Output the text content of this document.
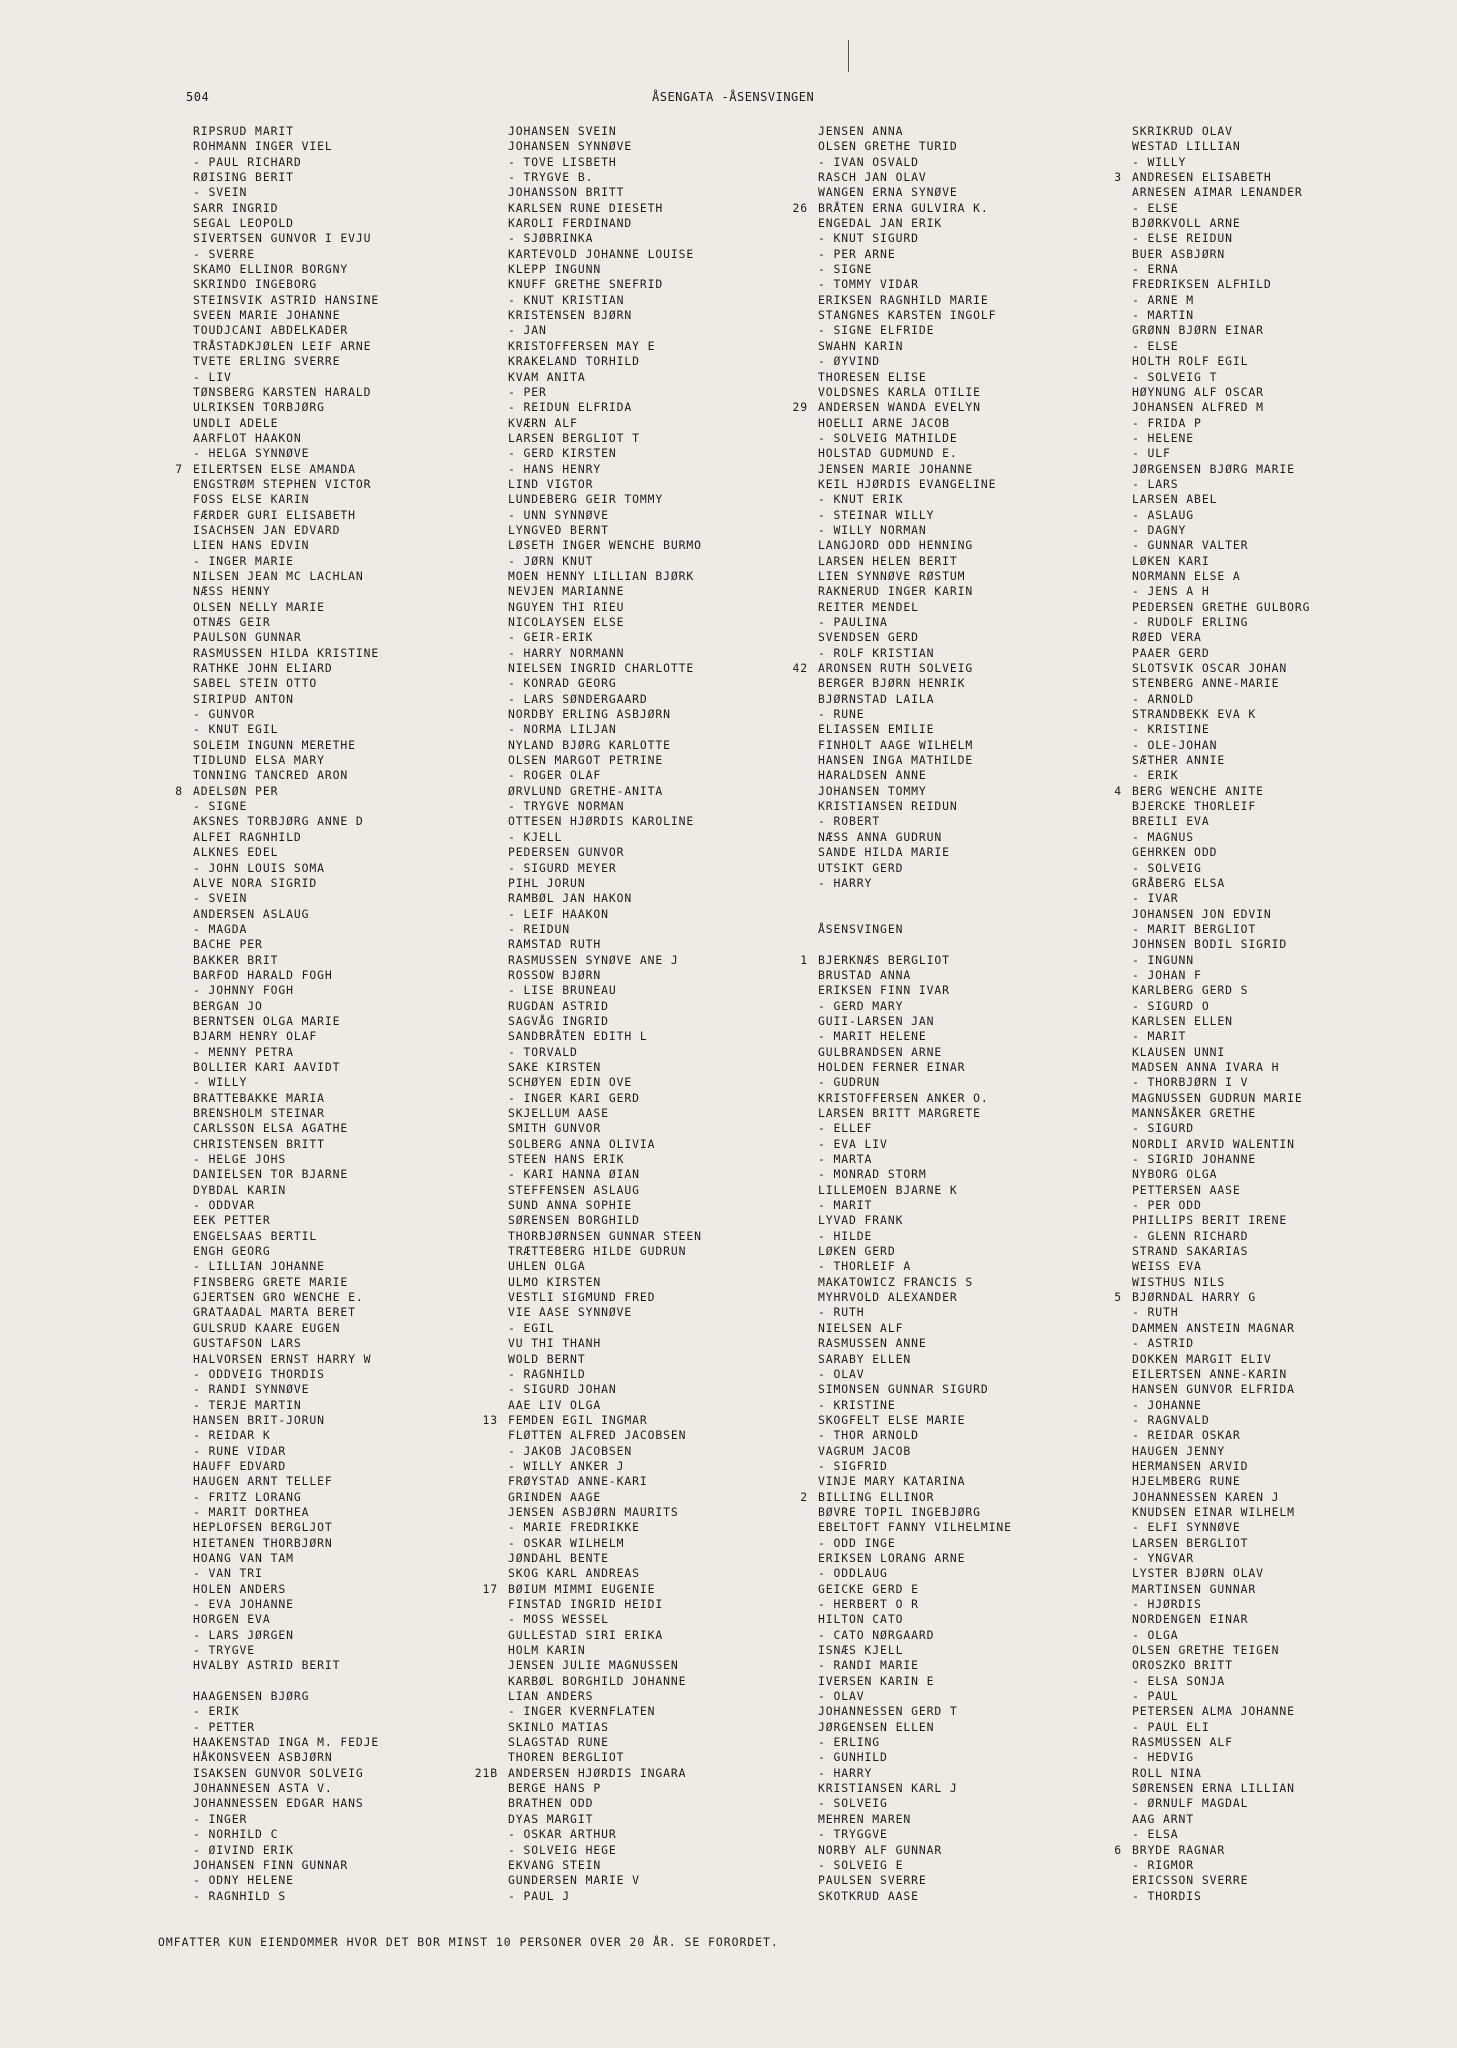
504	ÅSENGATA -ÅSENSVINGEN
RIPSRUD MARIT
ROHMANN INGER VIEL
- PAUL RICHARD
RØISING BERIT
- SVEIN
SARR INGRID
SEGAL LEOPOLD
SIVERTSEN GUNVOR I EVJU
- SVERRE
SKAMO ELLINOR BORGNY
SKRINDO INGEBORG
STEINSVIK ASTRID HANSINE
SVEEN MARIE JOHANNE
TOUDJCANI ABDELKADER
TRÅSTADKJØLEN LEIF ARNE
TVETE ERLING SVERRE
- LIV
TØNSBERG KARSTEN HARALD
ULRIKSEN TORBJØRG
UNDLI ADELE
AARFLOT HAAKON
- HELGA SYNNØVE
7 EILERTSEN ELSE AMANDA
ENGSTRØM STEPHEN VICTOR
FOSS ELSE KARIN
FÆRDER GURI ELISABETH
ISACHSEN JAN EDVARD
LIEN HANS EDVIN
- INGER MARIE
NILSEN JEAN MC LACHLAN
NÆSS HENNY
OLSEN NELLY MARIE
OTNÆS GEIR
PAULSON GUNNAR
RASMUSSEN HILDA KRISTINE
RATHKE JOHN ELIARD
SABEL STEIN OTTO
SIRIPUD ANTON
- GUNVOR
- KNUT EGIL
SOLEIM INGUNN MERETHE
TIDLUND ELSA MARY
TONNING TANCRED ARON
8 ADELSØN PER
- SIGNE
AKSNES TORBJØRG ANNE D
ALFEI RAGNHILD
ALKNES EDEL
- JOHN LOUIS SOMA
ALVE NORA SIGRID
- SVEIN
ANDERSEN ASLAUG
- MAGDA
BACHE PER
BAKKER BRIT
BARFOD HARALD FOGH
- JOHNNY FOGH
BERGAN JO
BERNTSEN OLGA MARIE
BJARM HENRY OLAF
- MENNY PETRA
BOLLIER KARI AAVIDT
- WILLY
BRATTEBAKKE MARIA
BRENSHOLM STEINAR
CARLSSON ELSA AGATHE
CHRISTENSEN BRITT
- HELGE JOHS
DANIELSEN TOR BJARNE
DYBDAL KARIN
- ODDVAR
EEK PETTER
ENGELSAAS BERTIL
ENGH GEORG
- LILLIAN JOHANNE
FINSBERG GRETE MARIE
GJERTSEN GRO WENCHE E.
GRATAADAL MARTA BERET
GULSRUD KAARE EUGEN
GUSTAFSON LARS
HALVORSEN ERNST HARRY W
- ODDVEIG THORDIS
- RANDI SYNNØVE
- TERJE MARTIN
HANSEN BRIT-JORUN
- REIDAR K
- RUNE VIDAR
HAUFF EDVARD
HAUGEN ARNT TELLEF
- FRITZ LORANG
- MARIT DORTHEA
HEPLOFSEN BERGLJOT
HIETANEN THORBJØRN
HOANG VAN TAM
- VAN TRI
HOLEN ANDERS
- EVA JOHANNE
HORGEN EVA
- LARS JØRGEN
- TRYGVE
HVALBY ASTRID BERIT
HAAGENSEN BJØRG
- ERIK
- PETTER
HAAKENSTAD INGA M. FEDJE
HÅKONSVEEN ASBJØRN
ISAKSEN GUNVOR SOLVEIG
JOHANNESEN ASTA V.
JOHANNESSEN EDGAR HANS
- INGER
- NORHILD C
- ØIVIND ERIK
JOHANSEN FINN GUNNAR
- ODNY HELENE
- RAGNHILD S
JOHANSEN SVEIN
JOHANSEN SYNNØVE
- TOVE LISBETH
- TRYGVE B.
JOHANSSON BRITT
KARLSEN RUNE DIESETH
KAROLI FERDINAND
- SJØBRINKA
KARTEVOLD JOHANNE LOUISE
KLEPP INGUNN
KNUFF GRETHE SNEFRID
- KNUT KRISTIAN
KRISTENSEN BJØRN
- JAN
KRISTOFFERSEN MAY E
KRAKELAND TORHILD
KVAM ANITA
- PER
- REIDUN ELFRIDA
KVÆRN ALF
LARSEN BERGLIOT T
- GERD KIRSTEN
- HANS HENRY
LIND VIGTOR
LUNDEBERG GEIR TOMMY
- UNN SYNNØVE
LYNGVED BERNT
LØSETH INGER WENCHE BURMO
- JØRN KNUT
MOEN HENNY LILLIAN BJØRK
NEVJEN MARIANNE
NGUYEN THI RIEU
NICOLAYSEN ELSE
- GEIR-ERIK
- HARRY NORMANN
NIELSEN INGRID CHARLOTTE
- KONRAD GEORG
- LARS SØNDERGAARD
NORDBY ERLING ASBJØRN
- NORMA LILJAN
NYLAND BJØRG KARLOTTE
OLSEN MARGOT PETRINE
- ROGER OLAF
ØRVLUND GRETHE-ANITA
- TRYGVE NORMAN
OTTESEN HJØRDIS KAROLINE
- KJELL
PEDERSEN GUNVOR
- SIGURD MEYER
PIHL JORUN
RAMBØL JAN HAKON
- LEIF HAAKON
- REIDUN
RAMSTAD RUTH
RASMUSSEN SYNØVE ANE J
ROSSOW BJØRN
- LISE BRUNEAU
RUGDAN ASTRID
SAGVÅG INGRID
SANDBRÅTEN EDITH L
- TORVALD
SAKE KIRSTEN
SCHØYEN EDIN OVE
- INGER KARI GERD
SKJELLUM AASE
SMITH GUNVOR
SOLBERG ANNA OLIVIA
STEEN HANS ERIK
- KARI HANNA ØIAN
STEFFENSEN ASLAUG
SUND ANNA SOPHIE
SØRENSEN BORGHILD
THORBJØRNSEN GUNNAR STEEN
TRÆTTEBERG HILDE GUDRUN
UHLEN OLGA
ULMO KIRSTEN
VESTLI SIGMUND FRED
VIE AASE SYNNØVE
- EGIL
VU THI THANH
WOLD BERNT
- RAGNHILD
- SIGURD JOHAN
AAE LIV OLGA
13 FEMDEN EGIL INGMAR
FLØTTEN ALFRED JACOBSEN
- JAKOB JACOBSEN
- WILLY ANKER J
FRØYSTAD ANNE-KARI
GRINDEN AAGE
JENSEN ASBJØRN MAURITS
- MARIE FREDRIKKE
- OSKAR WILHELM
JØNDAHL BENTE
SKOG KARL ANDREAS
17 BØIUM MIMMI EUGENIE
FINSTAD INGRID HEIDI
- MOSS WESSEL
GULLESTAD SIRI ERIKA
HOLM KARIN
JENSEN JULIE MAGNUSSEN
KARBØL BORGHILD JOHANNE
LIAN ANDERS
- INGER KVERNFLATEN
SKINLO MATIAS
SLAGSTAD RUNE
THOREN BERGLIOT
21B ANDERSEN HJØRDIS INGARA
BERGE HANS P
BRATHEN ODD
DYAS MARGIT
- OSKAR ARTHUR
- SOLVEIG HEGE
EKVANG STEIN
GUNDERSEN MARIE V
- PAUL J
JENSEN ANNA
OLSEN GRETHE TURID
- IVAN OSVALD
RASCH JAN OLAV
WANGEN ERNA SYNØVE
26 BRÅTEN ERNA GULVIRA K.
ENGEDAL JAN ERIK
- KNUT SIGURD
- PER ARNE
- SIGNE
- TOMMY VIDAR
ERIKSEN RAGNHILD MARIE
STANGNES KARSTEN INGOLF
- SIGNE ELFRIDE
SWAHN KARIN
- ØYVIND
THORESEN ELISE
VOLDSNES KARLA OTILIE
29 ANDERSEN WANDA EVELYN
HOELLI ARNE JACOB
- SOLVEIG MATHILDE
HOLSTAD GUDMUND E.
JENSEN MARIE JOHANNE
KEIL HJØRDIS EVANGELINE
- KNUT ERIK
- STEINAR WILLY
- WILLY NORMAN
LANGJORD ODD HENNING
LARSEN HELEN BERIT
LIEN SYNNØVE RØSTUM
RAKNERUD INGER KARIN
REITER MENDEL
- PAULINA
SVENDSEN GERD
- ROLF KRISTIAN
42 ARONSEN RUTH SOLVEIG
BERGER BJØRN HENRIK
BJØRNSTAD LAILA
- RUNE
ELIASSEN EMILIE
FINHOLT AAGE WILHELM
HANSEN INGA MATHILDE
HARALDSEN ANNE
JOHANSEN TOMMY
KRISTIANSEN REIDUN
- ROBERT
NÆSS ANNA GUDRUN
SANDE HILDA MARIE
UTSIKT GERD
- HARRY
ÅSENSVINGEN
1 BJERKNÆS BERGLIOT
BRUSTAD ANNA
ERIKSEN FINN IVAR
- GERD MARY
GUII-LARSEN JAN
- MARIT HELENE
GULBRANDSEN ARNE
HOLDEN FERNER EINAR
- GUDRUN
KRISTOFFERSEN ANKER O.
LARSEN BRITT MARGRETE
- ELLEF
- EVA LIV
- MARTA
- MONRAD STORM
LILLEMOEN BJARNE K
- MARIT
LYVAD FRANK
- HILDE
LØKEN GERD
- THORLEIF A
MAKATOWICZ FRANCIS S
MYHRVOLD ALEXANDER
- RUTH
NIELSEN ALF
RASMUSSEN ANNE
SARABY ELLEN
- OLAV
SIMONSEN GUNNAR SIGURD
- KRISTINE
SKOGFELT ELSE MARIE
- THOR ARNOLD
VAGRUM JACOB
- SIGFRID
VINJE MARY KATARINA
2 BILLING ELLINOR
BØVRE TOPIL INGEBJØRG
EBELTOFT FANNY VILHELMINE
- ODD INGE
ERIKSEN LORANG ARNE
- ODDLAUG
GEICKE GERD E
- HERBERT O R
HILTON CATO
- CATO NØRGAARD
ISNÆS KJELL
- RANDI MARIE
IVERSEN KARIN E
- OLAV
JOHANNESSEN GERD T
JØRGENSEN ELLEN
- ERLING
- GUNHILD
- HARRY
KRISTIANSEN KARL J
- SOLVEIG
MEHREN MAREN
- TRYGGVE
NORBY ALF GUNNAR
- SOLVEIG E
PAULSEN SVERRE
SKOTKRUD AASE
SKRIKRUD OLAV
WESTAD LILLIAN
- WILLY
3 ANDRESEN ELISABETH
ARNESEN AIMAR LENANDER
- ELSE
BJØRKVOLL ARNE
- ELSE REIDUN
BUER ASBJØRN
- ERNA
FREDRIKSEN ALFHILD
- ARNE M
- MARTIN
GRØNN BJØRN EINAR
- ELSE
HOLTH ROLF EGIL
- SOLVEIG T
HØYNUNG ALF OSCAR
JOHANSEN ALFRED M
- FRIDA P
- HELENE
- ULF
JØRGENSEN BJØRG MARIE
- LARS
LARSEN ABEL
- ASLAUG
- DAGNY
- GUNNAR VALTER
LØKEN KARI
NORMANN ELSE A
- JENS A H
PEDERSEN GRETHE GULBORG
- RUDOLF ERLING
RØED VERA
PAAER GERD
SLOTSVIK OSCAR JOHAN
STENBERG ANNE-MARIE
- ARNOLD
STRANDBEKK EVA K
- KRISTINE
- OLE-JOHAN
SÆTHER ANNIE
- ERIK
4 BERG WENCHE ANITE
BJERCKE THORLEIF
BREILI EVA
- MAGNUS
GEHRKEN ODD
- SOLVEIG
GRÅBERG ELSA
- IVAR
JOHANSEN JON EDVIN
- MARIT BERGLIOT
JOHNSEN BODIL SIGRID
- INGUNN
- JOHAN F
KARLBERG GERD S
- SIGURD O
KARLSEN ELLEN
- MARIT
KLAUSEN UNNI
MADSEN ANNA IVARA H
- THORBJØRN I V
MAGNUSSEN GUDRUN MARIE
MANNSÅKER GRETHE
- SIGURD
NORDLI ARVID WALENTIN
- SIGRID JOHANNE
NYBORG OLGA
PETTERSEN AASE
- PER ODD
PHILLIPS BERIT IRENE
- GLENN RICHARD
STRAND SAKARIAS
WEISS EVA
WISTHUS NILS
5 BJØRNDAL HARRY G
- RUTH
DAMMEN ANSTEIN MAGNAR
- ASTRID
DOKKEN MARGIT ELIV
EILERTSEN ANNE-KARIN
HANSEN GUNVOR ELFRIDA
- JOHANNE
- RAGNVALD
- REIDAR OSKAR
HAUGEN JENNY
HERMANSEN ARVID
HJELMBERG RUNE
JOHANNESSEN KAREN J
KNUDSEN EINAR WILHELM
- ELFI SYNNØVE
LARSEN BERGLIOT
- YNGVAR
LYSTER BJØRN OLAV
MARTINSEN GUNNAR
- HJØRDIS
NORDENGEN EINAR
- OLGA
OLSEN GRETHE TEIGEN
OROSZKO BRITT
- ELSA SONJA
- PAUL
PETERSEN ALMA JOHANNE
- PAUL ELI
RASMUSSEN ALF
- HEDVIG
ROLL NINA
SØRENSEN ERNA LILLIAN
- ØRNULF MAGDAL
AAG ARNT
- ELSA
6 BRYDE RAGNAR
- RIGMOR
ERICSSON SVERRE
- THORDIS
OMFATTER KUN EIENDOMMER HVOR DET BOR MINST 10 PERSONER OVER 20 ÅR. SE FORORDET.
